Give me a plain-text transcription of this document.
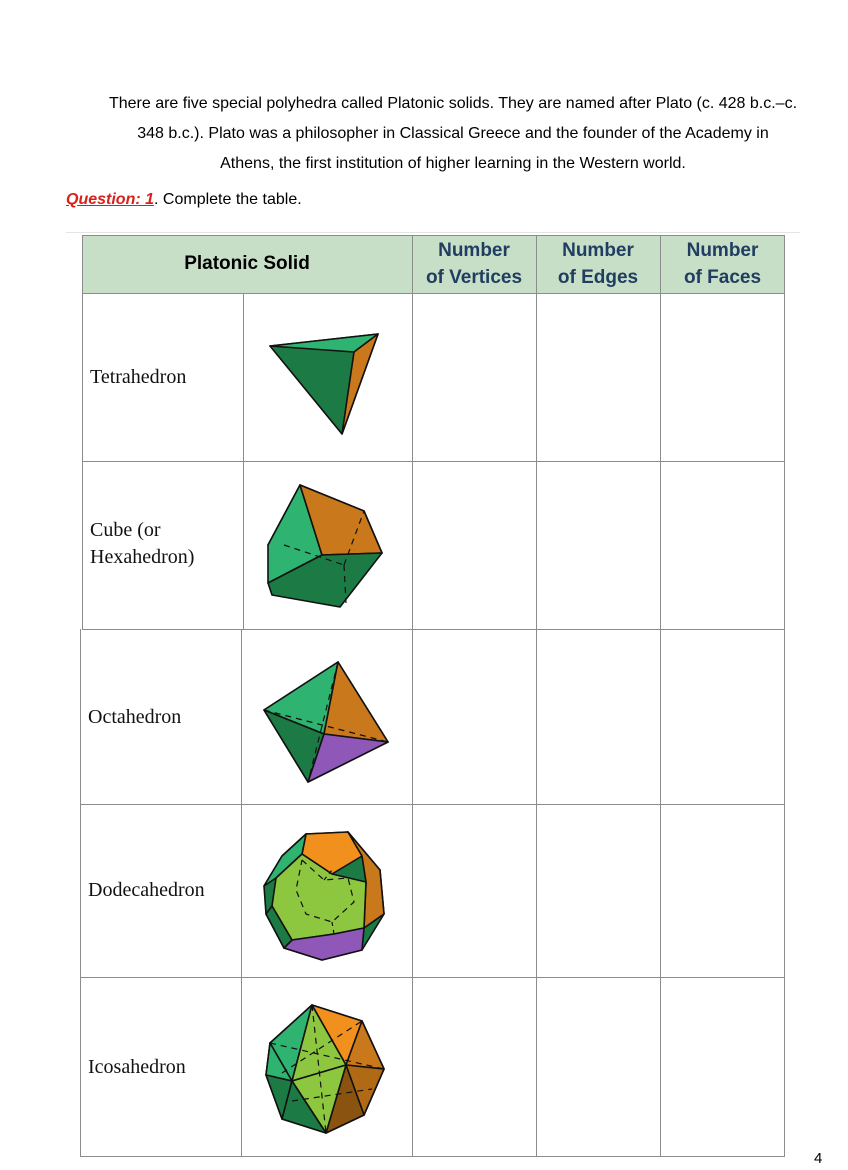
There are five special polyhedra called Platonic solids. They are named after Plato (c. 428 b.c.–c.
348 b.c.). Plato was a philosopher in Classical Greece and the founder of the Academy in
Athens, the first institution of higher learning in the Western world.
Question: 1. Complete the table.
Platonic Solid
Number
of Vertices
Number
of Edges
Number
of Faces
Tetrahedron
Cube (or
Hexahedron)
Octahedron
Dodecahedron
Icosahedron
4
